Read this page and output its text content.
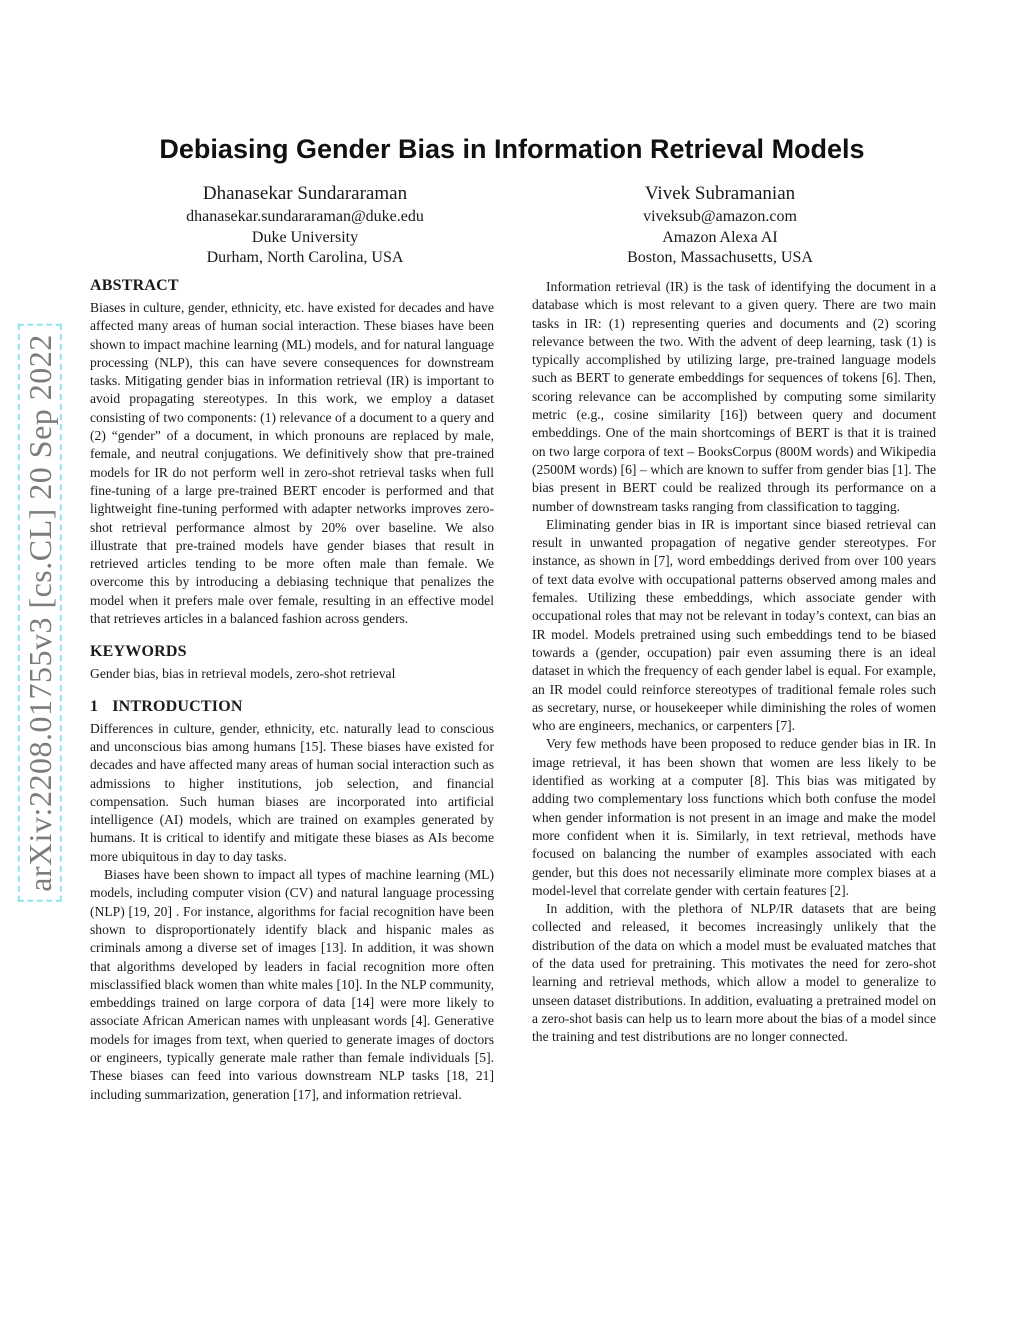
arXiv:2208.01755v3 [cs.CL] 20 Sep 2022
Debiasing Gender Bias in Information Retrieval Models
Dhanasekar Sundararaman
dhanasekar.sundararaman@duke.edu
Duke University
Durham, North Carolina, USA
Vivek Subramanian
viveksub@amazon.com
Amazon Alexa AI
Boston, Massachusetts, USA
ABSTRACT

Biases in culture, gender, ethnicity, etc. have existed for decades and have affected many areas of human social interaction. These biases have been shown to impact machine learning (ML) models, and for natural language processing (NLP), this can have severe consequences for downstream tasks. Mitigating gender bias in information retrieval (IR) is important to avoid propagating stereotypes. In this work, we employ a dataset consisting of two components: (1) relevance of a document to a query and (2) “gender” of a document, in which pronouns are replaced by male, female, and neutral conjugations. We definitively show that pre-trained models for IR do not perform well in zero-shot retrieval tasks when full fine-tuning of a large pre-trained BERT encoder is performed and that lightweight fine-tuning performed with adapter networks improves zero-shot retrieval performance almost by 20% over baseline. We also illustrate that pre-trained models have gender biases that result in retrieved articles tending to be more often male than female. We overcome this by introducing a debiasing technique that penalizes the model when it prefers male over female, resulting in an effective model that retrieves articles in a balanced fashion across genders.

KEYWORDS

Gender bias, bias in retrieval models, zero-shot retrieval

1 INTRODUCTION

Differences in culture, gender, ethnicity, etc. naturally lead to conscious and unconscious bias among humans [15]. These biases have existed for decades and have affected many areas of human social interaction such as admissions to higher institutions, job selection, and financial compensation. Such human biases are incorporated into artificial intelligence (AI) models, which are trained on examples generated by humans. It is critical to identify and mitigate these biases as AIs become more ubiquitous in day to day tasks.

Biases have been shown to impact all types of machine learning (ML) models, including computer vision (CV) and natural language processing (NLP) [19, 20] . For instance, algorithms for facial recognition have been shown to disproportionately identify black and hispanic males as criminals among a diverse set of images [13]. In addition, it was shown that algorithms developed by leaders in facial recognition more often misclassified black women than white males [10]. In the NLP community, embeddings trained on large corpora of data [14] were more likely to associate African American names with unpleasant words [4]. Generative models for images from text, when queried to generate images of doctors or engineers, typically generate male rather than female individuals [5]. These biases can feed into various downstream NLP tasks [18, 21] including summarization, generation [17], and information retrieval.

Information retrieval (IR) is the task of identifying the document in a database which is most relevant to a given query. There are two main tasks in IR: (1) representing queries and documents and (2) scoring relevance between the two. With the advent of deep learning, task (1) is typically accomplished by utilizing large, pre-trained language models such as BERT to generate embeddings for sequences of tokens [6]. Then, scoring relevance can be accomplished by computing some similarity metric (e.g., cosine similarity [16]) between query and document embeddings. One of the main shortcomings of BERT is that it is trained on two large corpora of text – BooksCorpus (800M words) and Wikipedia (2500M words) [6] – which are known to suffer from gender bias [1]. The bias present in BERT could be realized through its performance on a number of downstream tasks ranging from classification to tagging.

Eliminating gender bias in IR is important since biased retrieval can result in unwanted propagation of negative gender stereotypes. For instance, as shown in [7], word embeddings derived from over 100 years of text data evolve with occupational patterns observed among males and females. Utilizing these embeddings, which associate gender with occupational roles that may not be relevant in today’s context, can bias an IR model. Models pretrained using such embeddings tend to be biased towards a (gender, occupation) pair even assuming there is an ideal dataset in which the frequency of each gender label is equal. For example, an IR model could reinforce stereotypes of traditional female roles such as secretary, nurse, or housekeeper while diminishing the roles of women who are engineers, mechanics, or carpenters [7].

Very few methods have been proposed to reduce gender bias in IR. In image retrieval, it has been shown that women are less likely to be identified as working at a computer [8]. This bias was mitigated by adding two complementary loss functions which both confuse the model when gender information is not present in an image and make the model more confident when it is. Similarly, in text retrieval, methods have focused on balancing the number of examples associated with each gender, but this does not necessarily eliminate more complex biases at a model-level that correlate gender with certain features [2].

In addition, with the plethora of NLP/IR datasets that are being collected and released, it becomes increasingly unlikely that the distribution of the data on which a model must be evaluated matches that of the data used for pretraining. This motivates the need for zero-shot learning and retrieval methods, which allow a model to generalize to unseen dataset distributions. In addition, evaluating a pretrained model on a zero-shot basis can help us to learn more about the bias of a model since the training and test distributions are no longer connected.
